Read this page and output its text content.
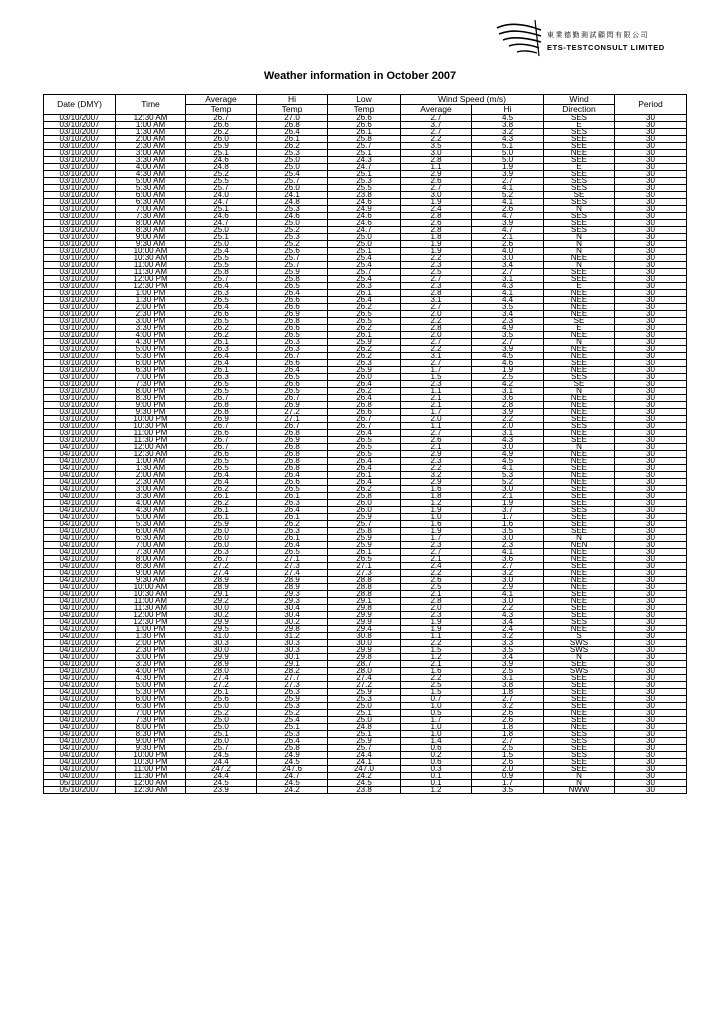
東業德勤測試顧問有限公司
ETS-TESTCONSULT LIMITED
Weather information in October 2007
Date (DMY)	Time	Average	Hi	Low	Wind Speed (m/s)		Wind	Period
		Temp	Temp	Temp	Average	Hi	Direction	
03/10/2007	12:30 AM	26.7	27.0	26.6	2.7	4.5	SES	30
03/10/2007	1:00 AM	26.6	26.8	26.6	3.7	3.8	E	30
03/10/2007	1:30 AM	26.2	26.4	26.1	2.7	3.2	SES	30
03/10/2007	2:00 AM	26.0	26.1	25.8	2.2	4.3	SEE	30
03/10/2007	2:30 AM	25.9	26.2	25.7	3.5	5.1	SEE	30
03/10/2007	3:00 AM	25.1	25.3	25.1	3.0	5.0	NEE	30
03/10/2007	3:30 AM	24.6	25.0	24.3	2.8	5.0	SEE	30
03/10/2007	4:00 AM	24.8	25.0	24.7	1.1	1.9	E	30
03/10/2007	4:30 AM	25.2	25.4	25.1	2.9	3.9	SEE	30
03/10/2007	5:00 AM	25.5	25.7	25.3	2.6	2.7	SES	30
03/10/2007	5:30 AM	25.7	26.0	25.5	2.7	4.1	SES	30
03/10/2007	6:00 AM	24.0	24.1	23.8	3.0	5.2	SE	30
03/10/2007	6:30 AM	24.7	24.8	24.6	1.9	4.1	SES	30
03/10/2007	7:00 AM	25.1	25.3	24.9	2.4	2.6	N	30
03/10/2007	7:30 AM	24.6	24.6	24.6	2.8	4.7	SES	30
03/10/2007	8:00 AM	24.7	25.0	24.6	2.6	3.9	SEE	30
03/10/2007	8:30 AM	25.0	25.2	24.7	2.8	4.7	SES	30
03/10/2007	9:00 AM	25.1	25.3	25.0	1.8	2.1	N	30
03/10/2007	9:30 AM	25.0	25.2	25.0	1.9	2.6	N	30
03/10/2007	10:00 AM	25.4	25.6	25.1	1.9	4.0	N	30
03/10/2007	10:30 AM	25.5	25.7	25.4	2.2	3.0	NEE	30
03/10/2007	11:00 AM	25.5	25.7	25.4	2.3	3.4	N	30
03/10/2007	11:30 AM	25.8	25.9	25.7	2.5	2.7	SEE	30
03/10/2007	12:00 PM	25.7	25.8	25.4	2.7	3.1	SEE	30
03/10/2007	12:30 PM	26.4	26.5	26.3	2.3	4.3	E	30
03/10/2007	1:00 PM	26.3	26.4	26.1	2.8	4.1	NEE	30
03/10/2007	1:30 PM	26.5	26.6	26.4	3.1	4.4	NEE	30
03/10/2007	2:00 PM	26.4	26.6	26.2	2.7	3.5	NEE	30
03/10/2007	2:30 PM	26.6	26.9	26.5	2.0	3.4	NEE	30
03/10/2007	3:00 PM	26.5	26.8	26.5	2.2	2.3	SE	30
03/10/2007	3:30 PM	26.2	26.6	26.2	2.8	4.9	E	30
03/10/2007	4:00 PM	26.2	26.5	26.1	2.0	3.5	NEE	30
03/10/2007	4:30 PM	26.1	26.3	25.9	2.7	2.7	N	30
03/10/2007	5:00 PM	26.3	26.3	26.2	2.2	3.9	NEE	30
03/10/2007	5:30 PM	26.4	26.7	26.2	3.1	4.5	NEE	30
03/10/2007	6:00 PM	26.4	26.6	26.3	2.7	4.6	SEE	30
03/10/2007	6:30 PM	26.1	26.4	25.9	1.7	1.9	NEE	30
03/10/2007	7:00 PM	26.3	26.5	26.0	1.5	2.5	SES	30
03/10/2007	7:30 PM	26.5	26.6	26.4	2.3	4.2	SE	30
03/10/2007	8:00 PM	26.5	26.5	26.2	1.1	3.1	N	30
03/10/2007	8:30 PM	26.7	26.7	26.4	2.1	3.6	NEE	30
03/10/2007	9:00 PM	26.8	26.9	26.8	2.1	2.8	NEE	30
03/10/2007	9:30 PM	26.8	27.2	26.6	1.7	3.9	NEE	30
03/10/2007	10:00 PM	26.9	27.1	26.7	2.0	2.2	SEE	30
03/10/2007	10:30 PM	26.7	26.7	26.7	1.1	2.0	SES	30
03/10/2007	11:00 PM	26.6	26.8	26.4	2.7	3.1	NEE	30
03/10/2007	11:30 PM	26.7	26.9	26.5	2.6	4.3	SEE	30
04/10/2007	12:00 AM	26.7	26.8	26.5	2.1	3.0	N	30
04/10/2007	12:30 AM	26.6	26.8	26.5	2.9	4.9	NEE	30
04/10/2007	1:00 AM	26.5	26.8	26.4	2.3	4.5	NEE	30
04/10/2007	1:30 AM	26.5	26.8	26.4	2.2	4.1	SEE	30
04/10/2007	2:00 AM	26.4	26.4	26.1	3.2	5.3	NEE	30
04/10/2007	2:30 AM	26.4	26.6	26.4	2.9	5.2	NEE	30
04/10/2007	3:00 AM	26.2	26.5	26.2	1.6	3.0	SEE	30
04/10/2007	3:30 AM	26.1	26.1	25.8	1.8	2.1	SEE	30
04/10/2007	4:00 AM	26.2	26.3	26.0	1.2	1.9	SEE	30
04/10/2007	4:30 AM	26.1	26.4	26.0	1.9	3.7	SES	30
04/10/2007	5:00 AM	26.1	26.1	25.9	1.0	1.7	SEE	30
04/10/2007	5:30 AM	25.9	26.2	25.7	1.6	1.6	SEE	30
04/10/2007	6:00 AM	26.0	26.3	25.8	1.9	3.5	SEE	30
04/10/2007	6:30 AM	26.0	26.1	25.9	1.7	3.0	N	30
04/10/2007	7:00 AM	26.0	26.4	25.9	2.3	2.3	NEN	30
04/10/2007	7:30 AM	26.3	26.5	26.1	2.7	4.1	NEE	30
04/10/2007	8:00 AM	26.7	27.1	26.5	2.1	3.6	NEE	30
04/10/2007	8:30 AM	27.2	27.3	27.1	2.4	2.7	SEE	30
04/10/2007	9:00 AM	27.4	27.4	27.3	2.2	3.2	NEE	30
04/10/2007	9:30 AM	28.9	28.9	28.8	2.6	3.0	NEE	30
04/10/2007	10:00 AM	28.9	28.9	28.8	2.5	2.9	NEE	30
04/10/2007	10:30 AM	29.1	29.3	28.8	2.1	4.1	SEE	30
04/10/2007	11:00 AM	29.2	29.3	29.1	2.8	3.0	NEE	30
04/10/2007	11:30 AM	30.0	30.4	29.8	2.0	2.2	SEE	30
04/10/2007	12:00 PM	30.2	30.4	29.9	2.3	4.3	SEE	30
04/10/2007	12:30 PM	29.9	30.2	29.9	1.9	3.4	SES	30
04/10/2007	1:00 PM	29.5	29.8	29.4	1.9	2.4	NEE	30
04/10/2007	1:30 PM	31.0	31.2	30.8	1.1	3.2	S	30
04/10/2007	2:00 PM	30.3	30.3	30.0	2.2	3.3	SWS	30
04/10/2007	2:30 PM	30.0	30.3	29.9	1.5	3.5	SWS	30
04/10/2007	3:00 PM	29.9	30.1	29.8	1.2	3.4	N	30
04/10/2007	3:30 PM	28.9	29.1	28.7	2.1	3.9	SEE	30
04/10/2007	4:00 PM	28.0	28.2	28.0	1.6	2.5	SWS	30
04/10/2007	4:30 PM	27.4	27.7	27.4	2.2	3.1	SEE	30
04/10/2007	5:00 PM	27.2	27.3	27.2	2.5	3.8	SEE	30
04/10/2007	5:30 PM	26.1	26.3	25.9	1.5	1.8	SEE	30
04/10/2007	6:00 PM	25.6	25.9	25.3	0.7	2.7	SEE	30
04/10/2007	6:30 PM	25.0	25.3	25.0	1.0	3.2	SEE	30
04/10/2007	7:00 PM	25.2	25.2	25.1	0.5	2.6	NEE	30
04/10/2007	7:30 PM	25.0	25.4	25.0	1.7	2.6	SEE	30
04/10/2007	8:00 PM	25.0	25.1	24.8	1.0	1.8	NEE	30
04/10/2007	8:30 PM	25.1	25.3	25.1	1.0	1.8	SES	30
04/10/2007	9:00 PM	26.0	26.4	25.9	1.4	2.7	SES	30
04/10/2007	9:30 PM	25.7	25.8	25.7	0.6	2.5	SEE	30
04/10/2007	10:00 PM	24.5	24.9	24.4	0.2	1.5	SES	30
04/10/2007	10:30 PM	24.4	24.5	24.1	0.6	2.6	SEE	30
04/10/2007	11:00 PM	247.2	247.6	247.0	0.3	2.0	SEE	30
04/10/2007	11:30 PM	24.4	24.7	24.2	0.1	0.9	N	30
05/10/2007	12:00 AM	24.5	24.5	24.5	0.1	1.7	N	30
05/10/2007	12:30 AM	23.9	24.2	23.8	1.2	3.5	NWW	30
